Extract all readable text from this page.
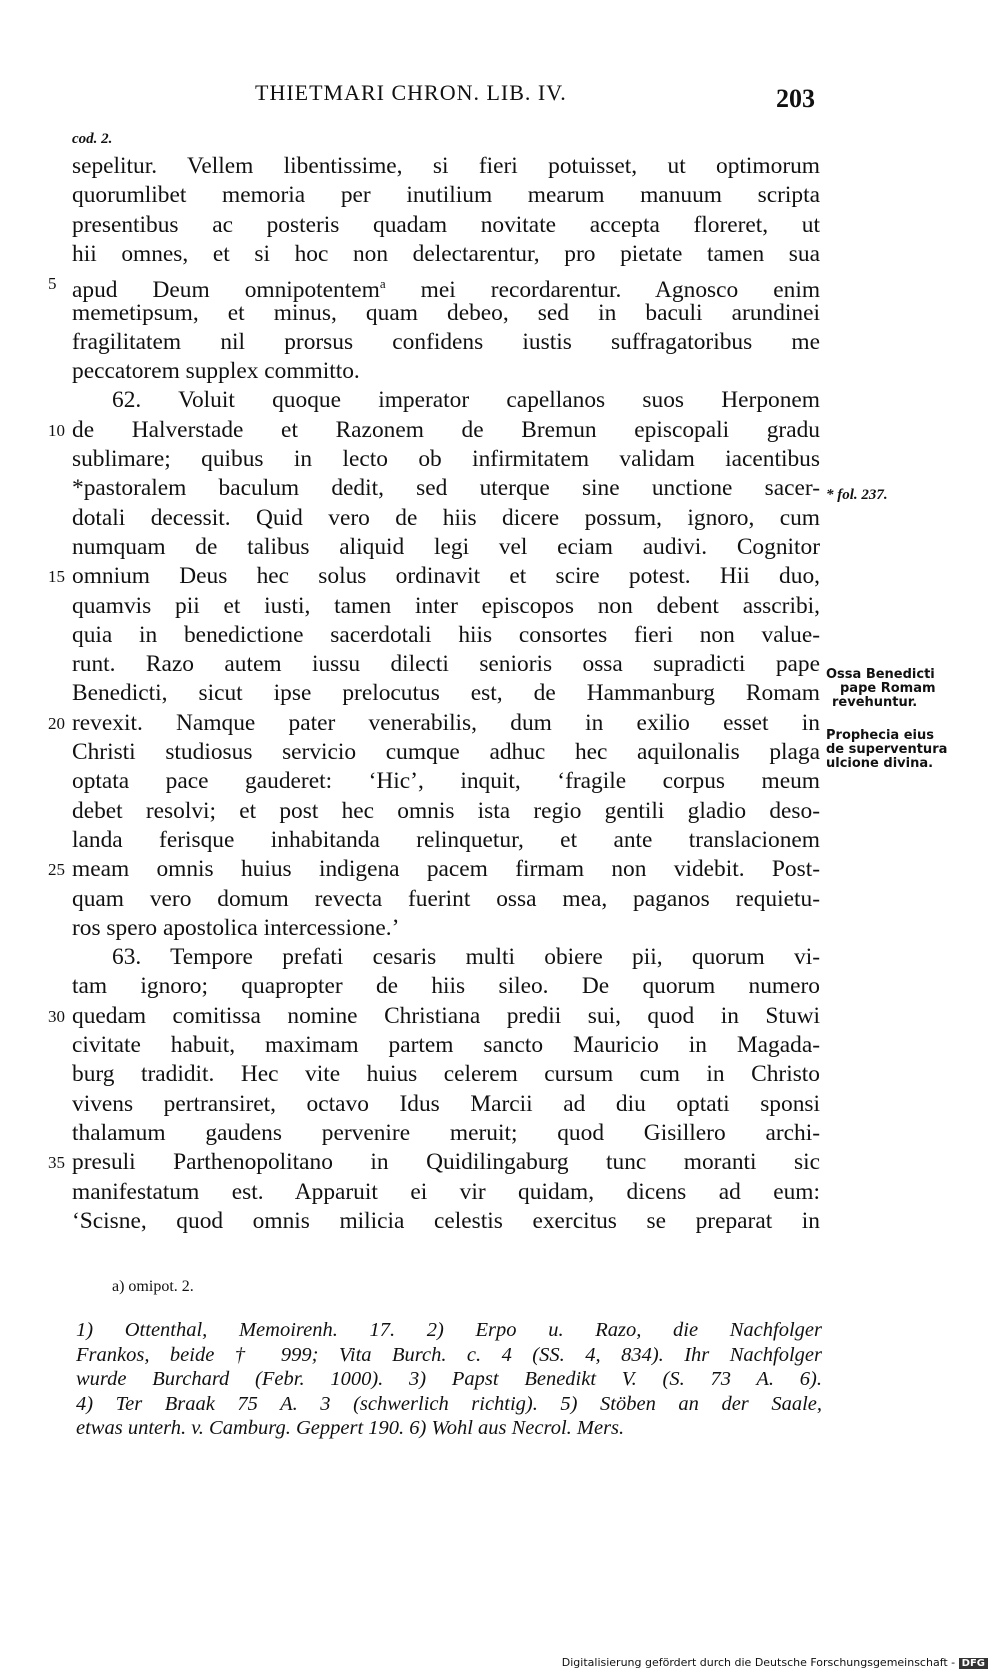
THIETMARI CHRON. LIB. IV.	203
cod. 2.
sepelitur. Vellem libentissime, si fieri potuisset, ut optimorum
quorumlibet memoria per inutilium mearum manuum scripta
presentibus ac posteris quadam novitate accepta floreret, ut
hii omnes, et si hoc non delectarentur, pro pietate tamen sua
apud Deum omnipotentem$^a$ mei recordarentur. Agnosco enim
memetipsum, et minus, quam debeo, sed in baculi arundinei
fragilitatem nil prorsus confidens iustis suffragatoribus me
peccatorem supplex committo.
62. Voluit quoque imperator capellanos suos Herponem
de Halverstade et Razonem de Bremun episcopali gradu
sublimare; quibus in lecto ob infirmitatem validam iacentibus
*pastoralem baculum dedit, sed uterque sine unctione sacer-
dotali decessit. Quid vero de hiis dicere possum, ignoro, cum
numquam de talibus aliquid legi vel eciam audivi. Cognitor
omnium Deus hec solus ordinavit et scire potest. Hii duo,
quamvis pii et iusti, tamen inter episcopos non debent asscribi,
quia in benedictione sacerdotali hiis consortes fieri non value-
runt. Razo autem iussu dilecti senioris ossa supradicti pape
Benedicti, sicut ipse prelocutus est, de Hammanburg Romam
revexit. Namque pater venerabilis, dum in exilio esset in
Christi studiosus servicio cumque adhuc hec aquilonalis plaga
optata pace gauderet: ‘Hic’, inquit, ‘fragile corpus meum
debet resolvi; et post hec omnis ista regio gentili gladio deso-
landa ferisque inhabitanda relinquetur, et ante translacionem
meam omnis huius indigena pacem firmam non videbit. Post-
quam vero domum revecta fuerint ossa mea, paganos requietu-
ros spero apostolica intercessione.’
63. Tempore prefati cesaris multi obiere pii, quorum vi-
tam ignoro; quapropter de hiis sileo. De quorum numero
quedam comitissa nomine Christiana predii sui, quod in Stuwi
civitate habuit, maximam partem sancto Mauricio in Magada-
burg tradidit. Hec vite huius celerem cursum cum in Christo
vivens pertransiret, octavo Idus Marcii ad diu optati sponsi
thalamum gaudens pervenire meruit; quod Gisillero archi-
presuli Parthenopolitano in Quidilingaburg tunc moranti sic
manifestatum est. Apparuit ei vir quidam, dicens ad eum:
‘Scisne, quod omnis milicia celestis exercitus se preparat in
5
10
15
20
25
30
35
* fol. 237.
Ossa Benedicti
pape Romam
revehuntur.
Prophecia eius
de superventura
ulcione divina.
a) omipot. 2.
1) Ottenthal, Memoirenh. 17. 2) Erpo u. Razo, die Nachfolger
Frankos, beide † 999; Vita Burch. c. 4 (SS. 4, 834). Ihr Nachfolger
wurde Burchard (Febr. 1000). 3) Papst Benedikt V. (S. 73 A. 6).
4) Ter Braak 75 A. 3 (schwerlich richtig). 5) Stöben an der Saale,
etwas unterh. v. Camburg. Geppert 190. 6) Wohl aus Necrol. Mers.
Digitalisierung gefördert durch die Deutsche Forschungsgemeinschaft - DFG
